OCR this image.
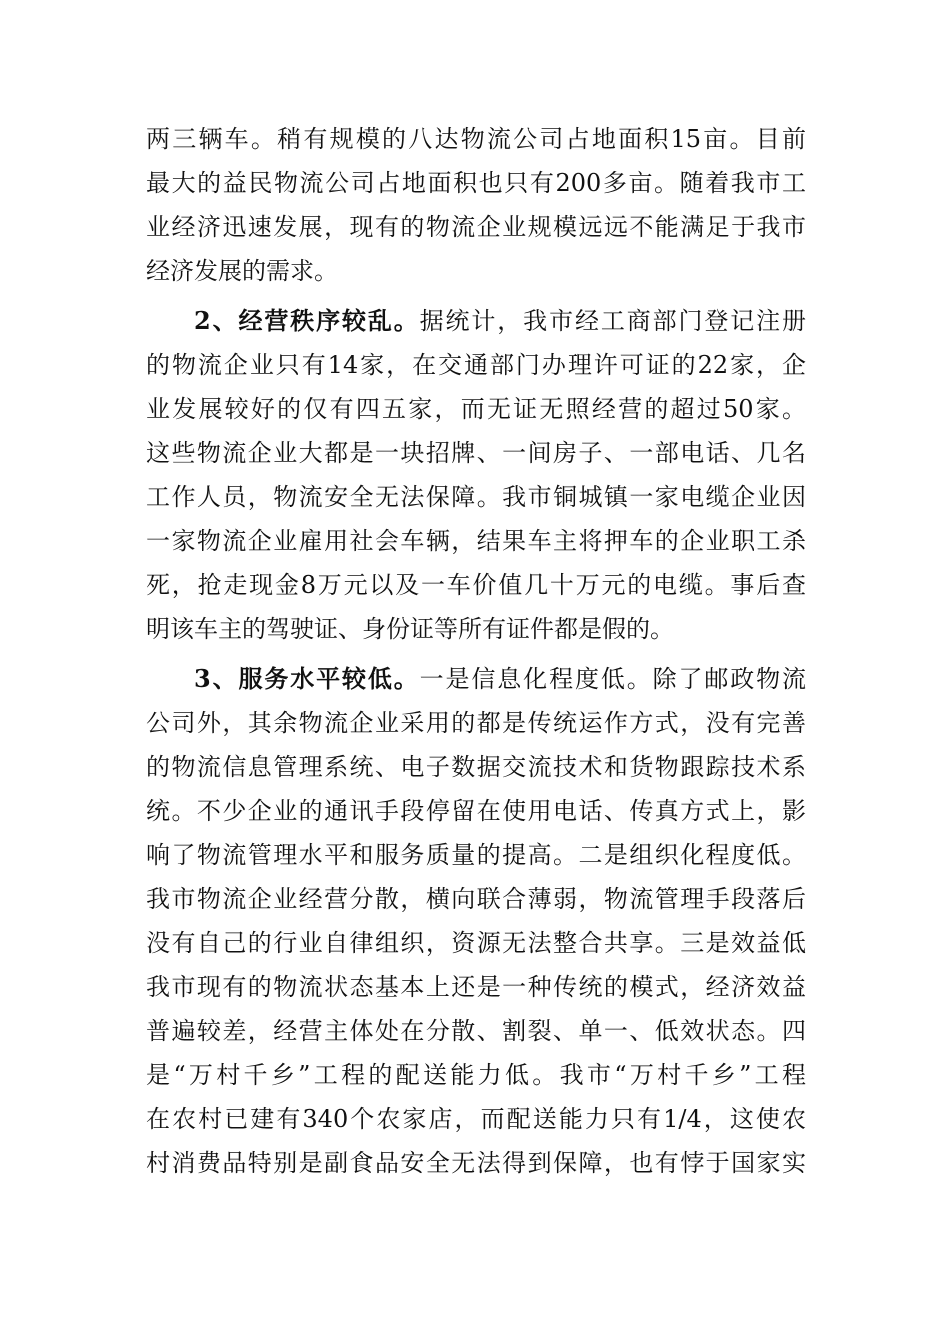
两三辆车。稍有规模的八达物流公司占地面积15亩。目前
最大的益民物流公司占地面积也只有200多亩。随着我市工
业经济迅速发展，现有的物流企业规模远远不能满足于我市
经济发展的需求。
2、经营秩序较乱。据统计，我市经工商部门登记注册
的物流企业只有14家，在交通部门办理许可证的22家，企
业发展较好的仅有四五家，而无证无照经营的超过50家。
这些物流企业大都是一块招牌、一间房子、一部电话、几名
工作人员，物流安全无法保障。我市铜城镇一家电缆企业因
一家物流企业雇用社会车辆，结果车主将押车的企业职工杀
死，抢走现金8万元以及一车价值几十万元的电缆。事后查
明该车主的驾驶证、身份证等所有证件都是假的。
3、服务水平较低。一是信息化程度低。除了邮政物流
公司外，其余物流企业采用的都是传统运作方式，没有完善
的物流信息管理系统、电子数据交流技术和货物跟踪技术系
统。不少企业的通讯手段停留在使用电话、传真方式上，影
响了物流管理水平和服务质量的提高。二是组织化程度低。
我市物流企业经营分散，横向联合薄弱，物流管理手段落后
没有自己的行业自律组织，资源无法整合共享。三是效益低
我市现有的物流状态基本上还是一种传统的模式，经济效益
普遍较差，经营主体处在分散、割裂、单一、低效状态。四
是“万村千乡”工程的配送能力低。我市“万村千乡”工程
在农村已建有340个农家店，而配送能力只有1/4，这使农
村消费品特别是副食品安全无法得到保障，也有悖于国家实
